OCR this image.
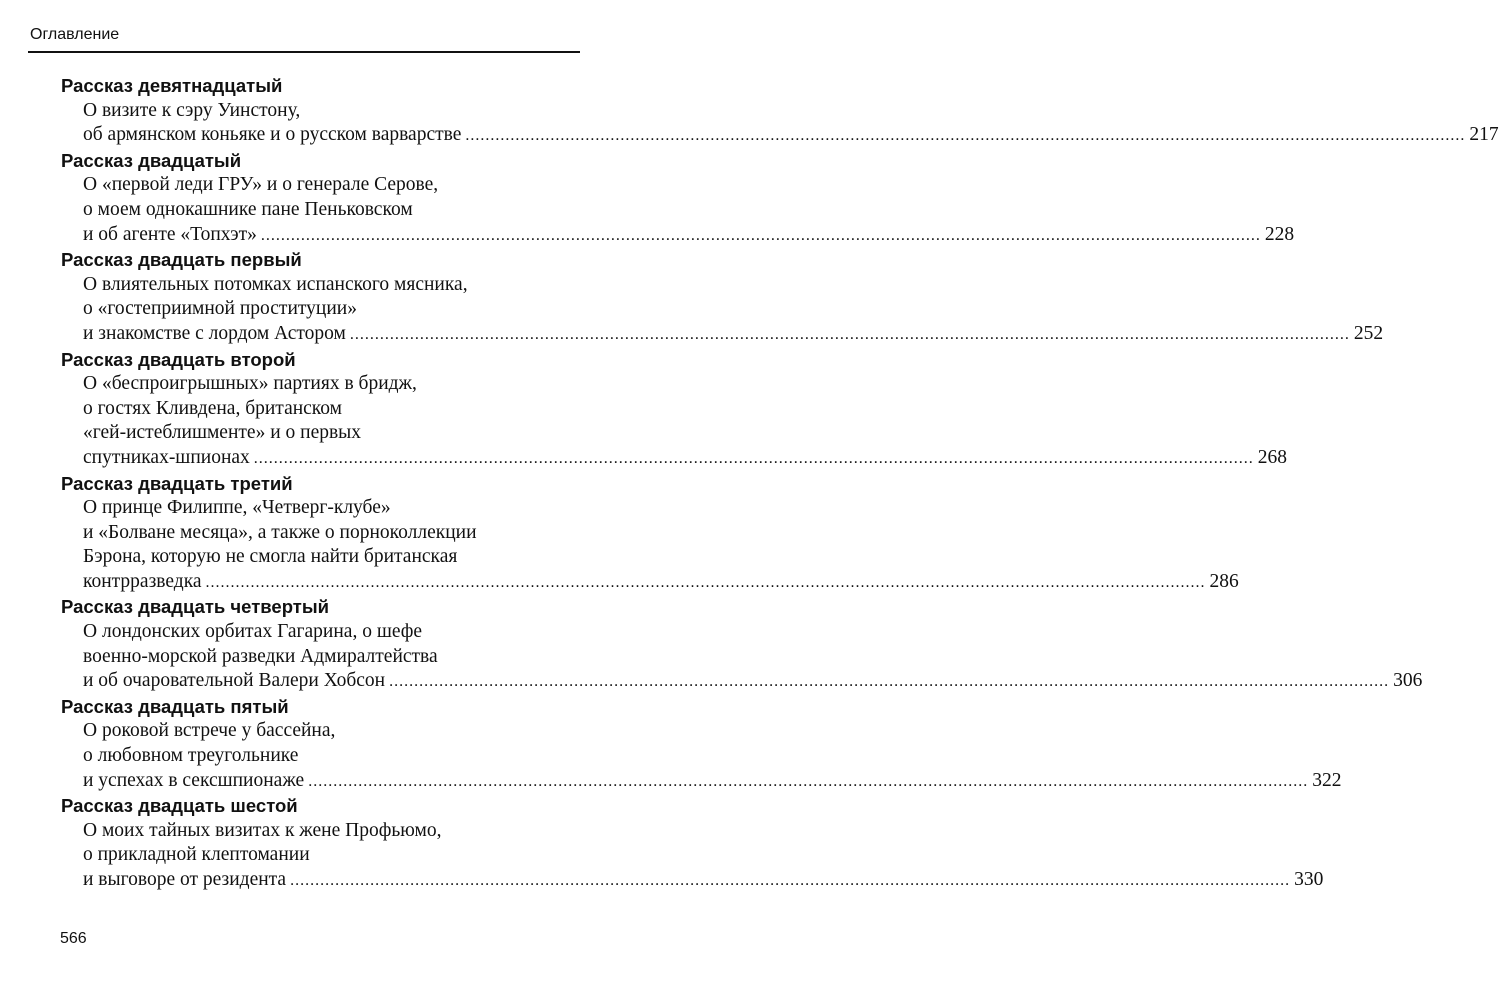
Оглавление
Рассказ девятнадцатый
О визите к сэру Уинстону,
об армянском коньяке и о русском варварстве ........................................................................................................................................................................................................ 217
Рассказ двадцатый
О «первой леди ГРУ» и о генерале Серове,
о моем однокашнике пане Пеньковском
и об агенте «Топхэт» ........................................................................................................................................................................................................ 228
Рассказ двадцать первый
О влиятельных потомках испанского мясника,
о «гостеприимной проституции»
и знакомстве с лордом Астором ........................................................................................................................................................................................................ 252
Рассказ двадцать второй
О «беспроигрышных» партиях в бридж,
о гостях Кливдена, британском
«гей-истеблишменте» и о первых
спутниках-шпионах ........................................................................................................................................................................................................ 268
Рассказ двадцать третий
О принце Филиппе, «Четверг-клубе»
и «Болване месяца», а также о порноколлекции
Бэрона, которую не смогла найти британская
контрразведка ........................................................................................................................................................................................................ 286
Рассказ двадцать четвертый
О лондонских орбитах Гагарина, о шефе
военно-морской разведки Адмиралтейства
и об очаровательной Валери Хобсон ........................................................................................................................................................................................................ 306
Рассказ двадцать пятый
О роковой встрече у бассейна,
о любовном треугольнике
и успехах в сексшпионаже ........................................................................................................................................................................................................ 322
Рассказ двадцать шестой
О моих тайных визитах к жене Профьюмо,
о прикладной клептомании
и выговоре от резидента ........................................................................................................................................................................................................ 330
566
